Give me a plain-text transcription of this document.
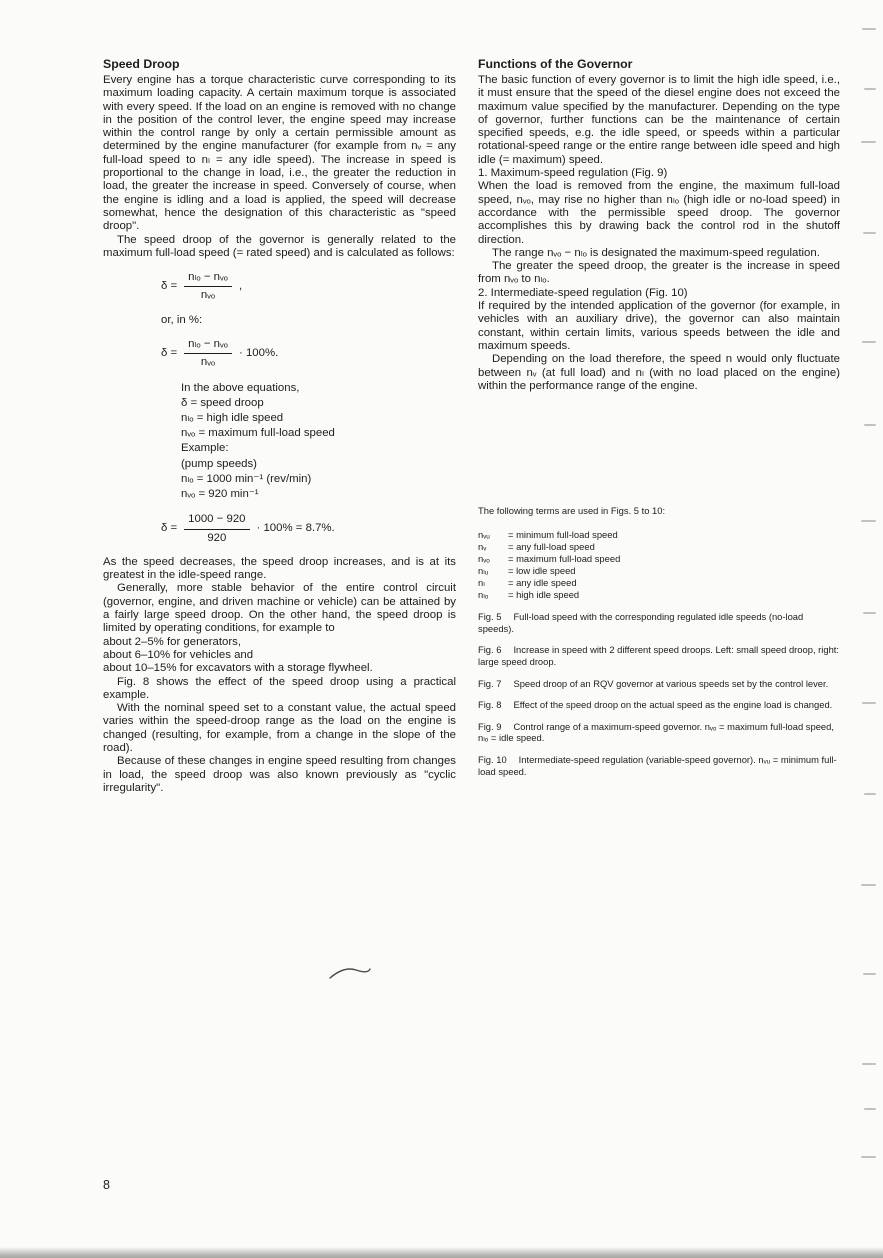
Speed Droop

Every engine has a torque characteristic curve corresponding to its maximum loading capacity. A certain maximum torque is associated with every speed. If the load on an engine is removed with no change in the position of the control lever, the engine speed may increase within the control range by only a certain permissible amount as determined by the engine manufacturer (for example from nᵥ = any full-load speed to nₗ = any idle speed). The increase in speed is proportional to the change in load, i.e., the greater the reduction in load, the greater the increase in speed. Conversely of course, when the engine is idling and a load is applied, the speed will decrease somewhat, hence the designation of this characteristic as "speed droop".

The speed droop of the governor is generally related to the maximum full-load speed (= rated speed) and is calculated as follows:

$\delta = \frac{\text{nₗₒ − nᵥₒ}}{\text{nᵥₒ}}$ ,
or, in %:
$\delta = \frac{\text{nₗₒ − nᵥₒ}}{\text{nᵥₒ}} \cdot 100\%$.
In the above equations,
δ = speed droop
nₗₒ = high idle speed
nᵥₒ = maximum full-load speed
Example:
(pump speeds)
nₗₒ = 1000 min⁻¹ (rev/min)
nᵥₒ = 920 min⁻¹
$\delta = \frac{1000 - 920}{920} \cdot 100\% = 8.7\%$.

As the speed decreases, the speed droop increases, and is at its greatest in the idle-speed range.

Generally, more stable behavior of the entire control circuit (governor, engine, and driven machine or vehicle) can be attained by a fairly large speed droop. On the other hand, the speed droop is limited by operating conditions, for example to

about 2–5% for generators,
about 6–10% for vehicles and
about 10–15% for excavators with a storage flywheel.

Fig. 8 shows the effect of the speed droop using a practical example.

With the nominal speed set to a constant value, the actual speed varies within the speed-droop range as the load on the engine is changed (resulting, for example, from a change in the slope of the road).

Because of these changes in engine speed resulting from changes in load, the speed droop was also known previously as "cyclic irregularity".

Functions of the Governor

The basic function of every governor is to limit the high idle speed, i.e., it must ensure that the speed of the diesel engine does not exceed the maximum value specified by the manufacturer. Depending on the type of governor, further functions can be the maintenance of certain specified speeds, e.g. the idle speed, or speeds within a particular rotational-speed range or the entire range between idle speed and high idle (= maximum) speed.

1. Maximum-speed regulation (Fig. 9)

When the load is removed from the engine, the maximum full-load speed, nᵥₒ, may rise no higher than nₗₒ (high idle or no-load speed) in accordance with the permissible speed droop. The governor accomplishes this by drawing back the control rod in the shutoff direction.

The range nᵥₒ − nₗₒ is designated the maximum-speed regulation.

The greater the speed droop, the greater is the increase in speed from nᵥₒ to nₗₒ.

2. Intermediate-speed regulation (Fig. 10)

If required by the intended application of the governor (for example, in vehicles with an auxiliary drive), the governor can also maintain constant, within certain limits, various speeds between the idle and maximum speeds.

Depending on the load therefore, the speed n would only fluctuate between nᵥ (at full load) and nₗ (with no load placed on the engine) within the performance range of the engine.

The following terms are used in Figs. 5 to 10:
nᵥᵤ	= minimum full-load speed
nᵥ	= any full-load speed
nᵥₒ	= maximum full-load speed
nₗᵤ	= low idle speed
nₗ	= any idle speed
nₗₒ	= high idle speed
Fig. 5 Full-load speed with the corresponding regulated idle speeds (no-load speeds).
Fig. 6 Increase in speed with 2 different speed droops. Left: small speed droop, right: large speed droop.
Fig. 7 Speed droop of an RQV governor at various speeds set by the control lever.
Fig. 8 Effect of the speed droop on the actual speed as the engine load is changed.
Fig. 9 Control range of a maximum-speed governor. nᵥₒ = maximum full-load speed, nₗₒ = idle speed.
Fig. 10 Intermediate-speed regulation (variable-speed governor). nᵥᵤ = minimum full-load speed.
8
